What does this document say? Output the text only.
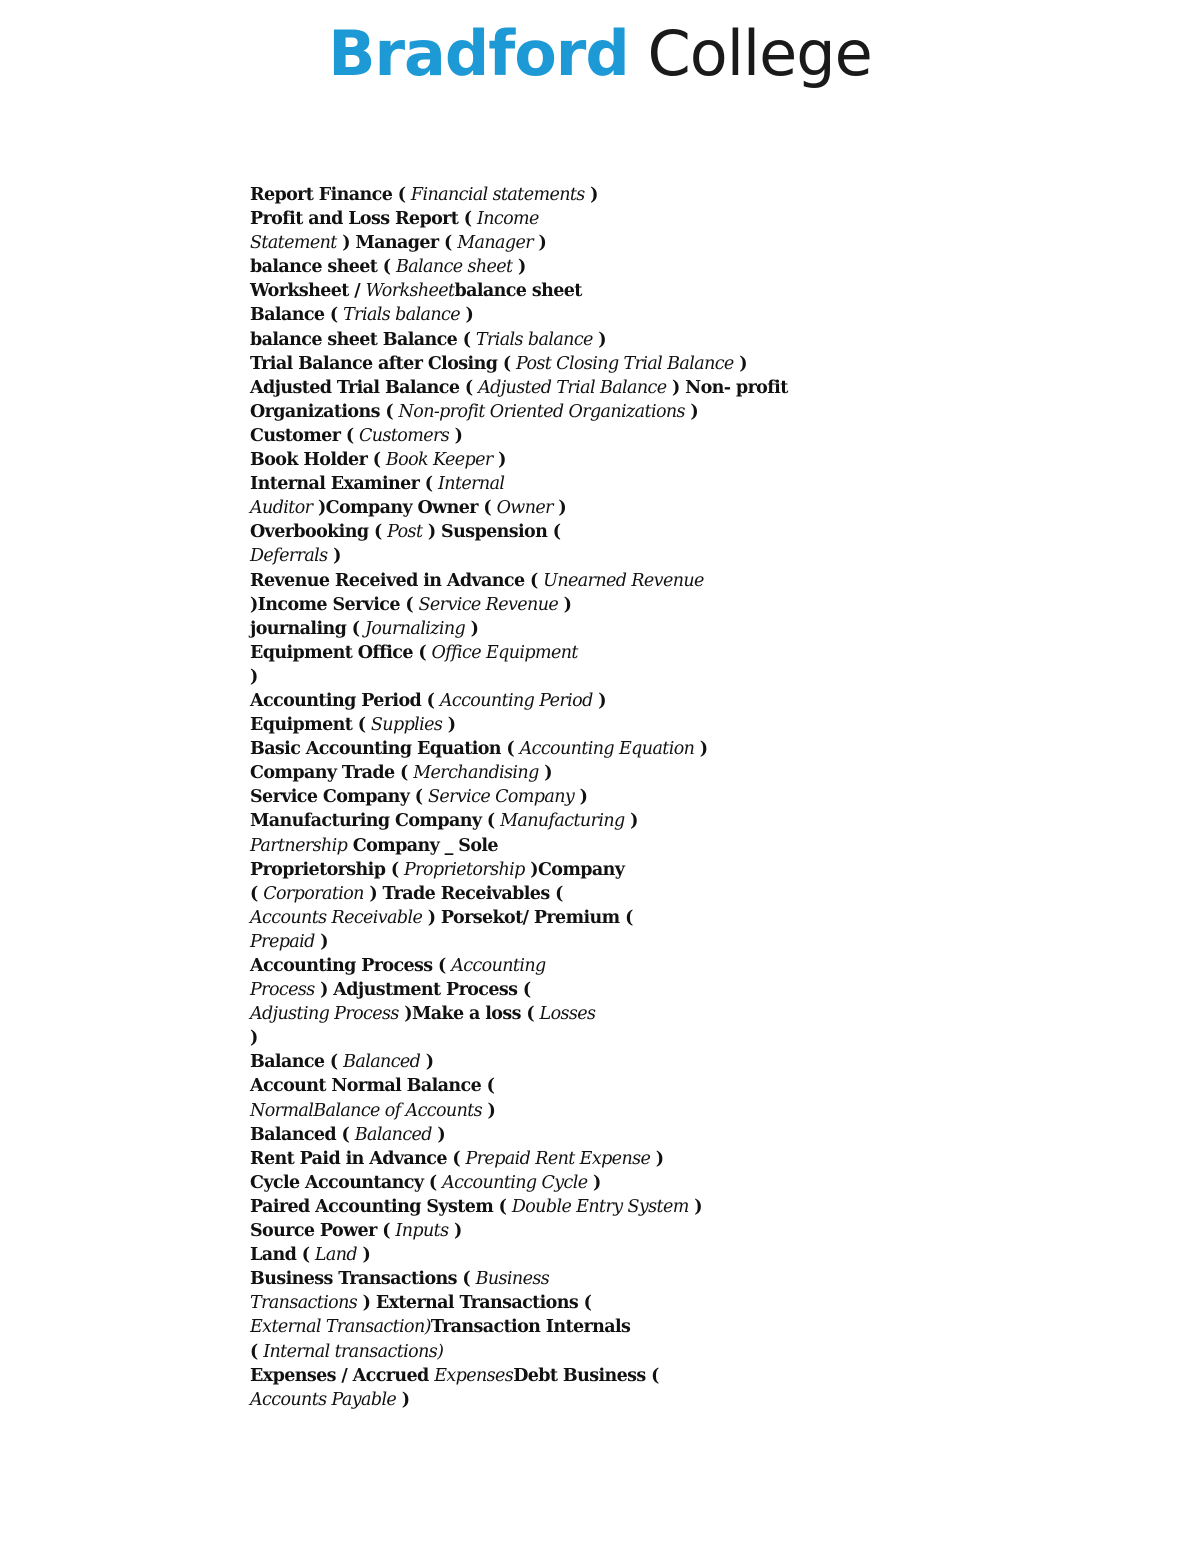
Bradford College
Report Finance ( Financial statements )
Profit and Loss Report ( Income
Statement ) Manager ( Manager )
balance sheet ( Balance sheet )
Worksheet / Worksheetbalance sheet
Balance ( Trials balance )
balance sheet Balance ( Trials balance )
Trial Balance after Closing ( Post Closing Trial Balance )
Adjusted Trial Balance ( Adjusted Trial Balance ) Non- profit
Organizations ( Non-profit Oriented Organizations )
Customer ( Customers )
Book Holder ( Book Keeper )
Internal Examiner ( Internal
Auditor )Company Owner ( Owner )
Overbooking ( Post ) Suspension (
Deferrals )
Revenue Received in Advance ( Unearned Revenue
)Income Service ( Service Revenue )
journaling ( Journalizing )
Equipment Office ( Office Equipment
)
Accounting Period ( Accounting Period )
Equipment ( Supplies )
Basic Accounting Equation ( Accounting Equation )
Company Trade ( Merchandising )
Service Company ( Service Company )
Manufacturing Company ( Manufacturing )
Partnership Company _ Sole
Proprietorship ( Proprietorship )Company
( Corporation ) Trade Receivables (
Accounts Receivable ) Porsekot/ Premium (
Prepaid )
Accounting Process ( Accounting
Process ) Adjustment Process (
Adjusting Process )Make a loss ( Losses
)
Balance ( Balanced )
Account Normal Balance (
NormalBalance of Accounts )
Balanced ( Balanced )
Rent Paid in Advance ( Prepaid Rent Expense )
Cycle Accountancy ( Accounting Cycle )
Paired Accounting System ( Double Entry System )
Source Power ( Inputs )
Land ( Land )
Business Transactions ( Business
Transactions ) External Transactions (
External Transaction)Transaction Internals
( Internal transactions)
Expenses / Accrued ExpensesDebt Business (
Accounts Payable )
